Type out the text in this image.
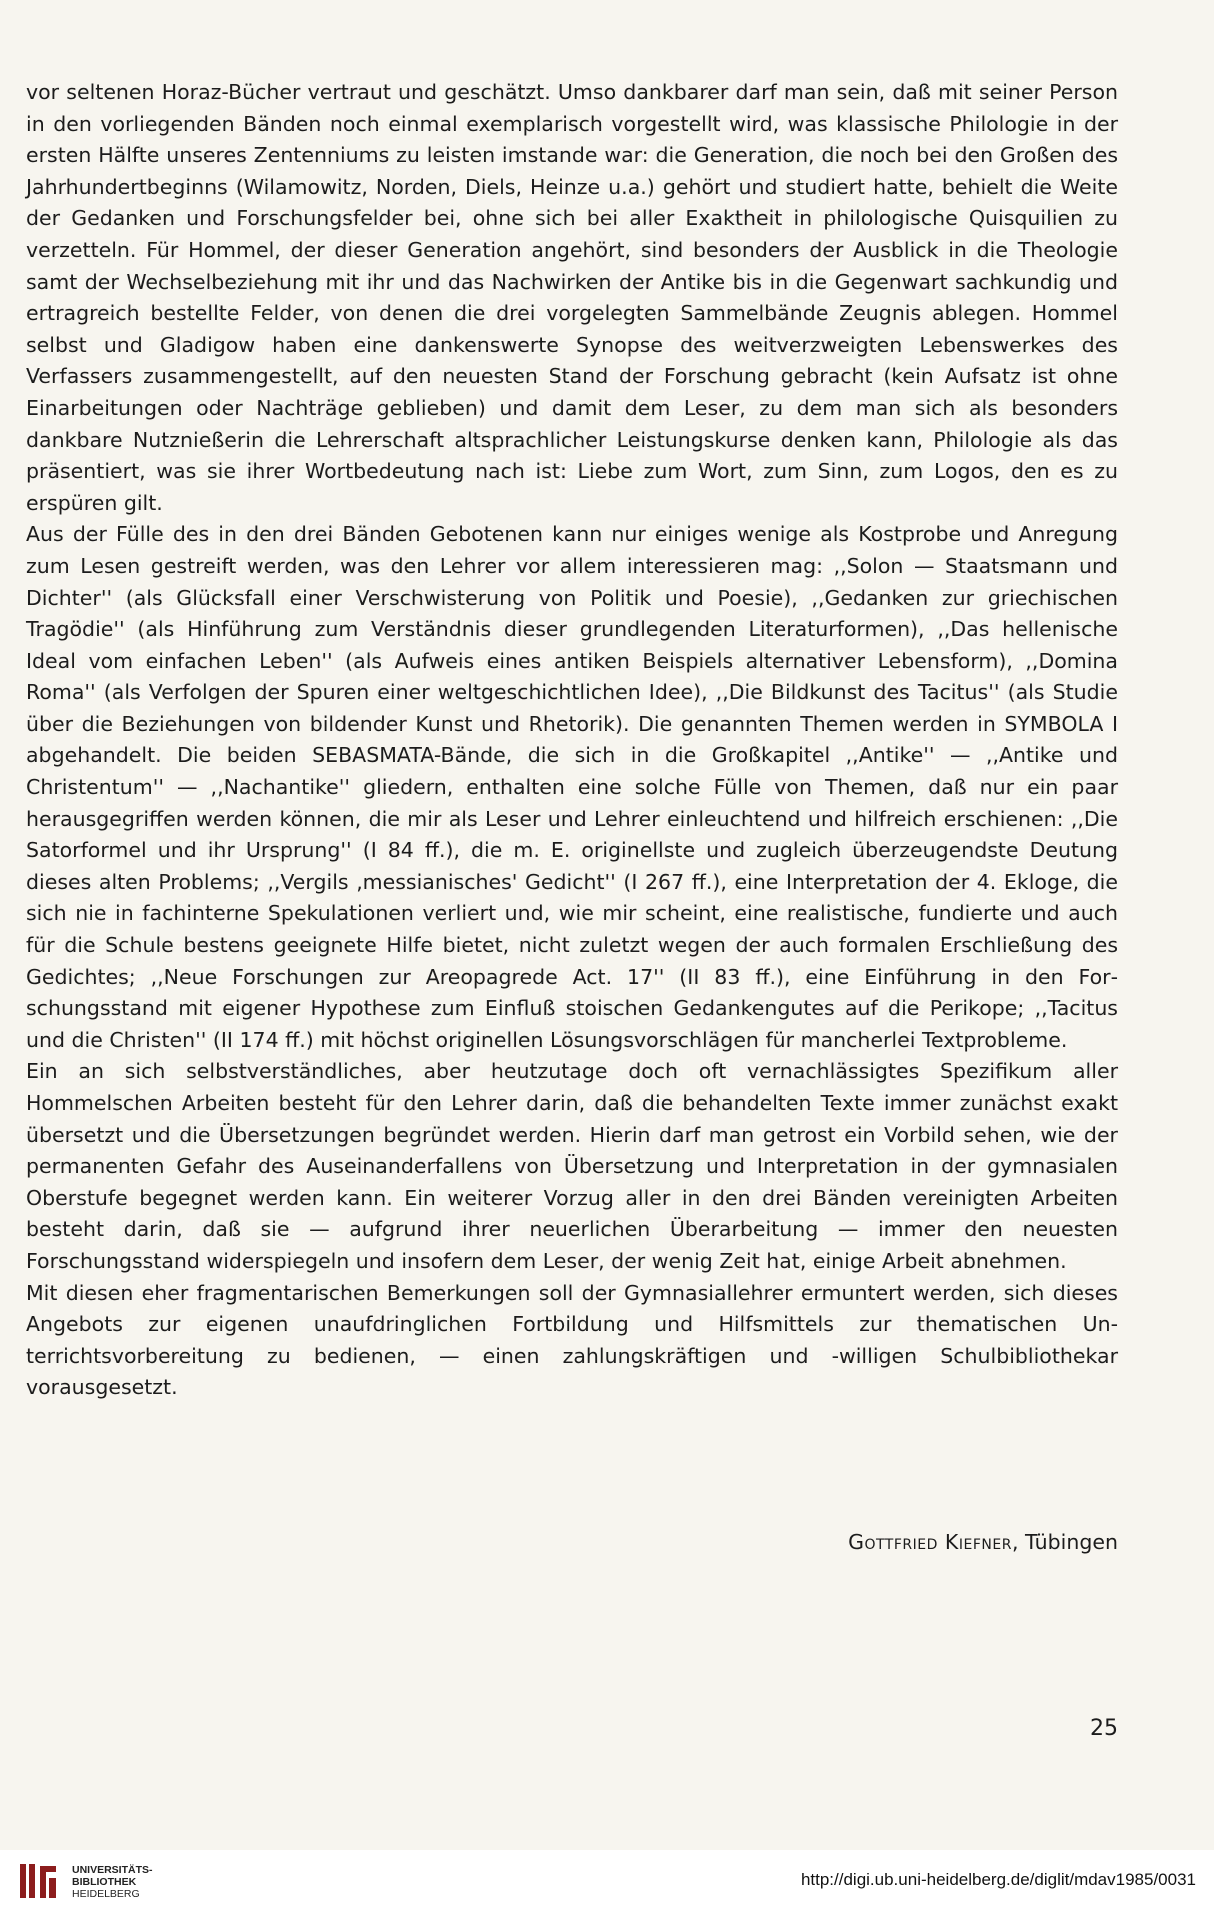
vor seltenen Horaz-Bücher vertraut und geschätzt. Umso dankbarer darf man sein, daß mit seiner Person in den vorliegenden Bänden noch einmal exemplarisch vorgestellt wird, was klassische Philologie in der ersten Hälfte unseres Zentenniums zu leisten imstande war: die Generation, die noch bei den Großen des Jahrhundertbeginns (Wilamowitz, Norden, Diels, Heinze u.a.) gehört und studiert hatte, behielt die Weite der Gedanken und Forschungsfelder bei, ohne sich bei aller Exaktheit in philologische Quisquilien zu verzetteln. Für Hommel, der dieser Generation angehört, sind besonders der Ausblick in die Theologie samt der Wechselbeziehung mit ihr und das Nachwirken der Antike bis in die Gegenwart sachkundig und ertragreich bestellte Felder, von denen die drei vorgelegten Sammelbände Zeugnis ablegen. Hommel selbst und Gladigow haben eine dankenswerte Synopse des weitverzweigten Lebenswerkes des Verfassers zusammengestellt, auf den neuesten Stand der Forschung gebracht (kein Aufsatz ist ohne Einarbeitungen oder Nachträge geblieben) und damit dem Leser, zu dem man sich als besonders dankbare Nutznießerin die Lehrerschaft altsprachlicher Leistungskurse denken kann, Philologie als das präsentiert, was sie ihrer Wortbedeutung nach ist: Liebe zum Wort, zum Sinn, zum Logos, den es zu erspüren gilt.

Aus der Fülle des in den drei Bänden Gebotenen kann nur einiges wenige als Kostprobe und Anregung zum Lesen gestreift werden, was den Lehrer vor allem interessieren mag: ,,Solon — Staatsmann und Dichter'' (als Glücksfall einer Verschwisterung von Politik und Poesie), ,,Gedanken zur griechischen Tragödie'' (als Hinführung zum Verständnis dieser grundlegenden Literaturformen), ,,Das hellenische Ideal vom einfachen Leben'' (als Aufweis eines antiken Beispiels alternativer Lebensform), ,,Domina Roma'' (als Verfolgen der Spuren einer weltgeschichtlichen Idee), ,,Die Bildkunst des Tacitus'' (als Studie über die Beziehungen von bildender Kunst und Rhetorik). Die genannten Themen werden in SYMBOLA I abgehandelt. Die beiden SEBASMATA-Bände, die sich in die Großkapitel ,,Antike'' — ,,Antike und Christentum'' — ,,Nachantike'' gliedern, enthalten eine solche Fülle von Themen, daß nur ein paar herausgegriffen werden können, die mir als Leser und Lehrer einleuchtend und hilfreich erschienen: ,,Die Satorformel und ihr Ursprung'' (I 84 ff.), die m. E. originellste und zugleich überzeugendste Deutung dieses alten Problems; ,,Vergils ‚messianisches' Gedicht'' (I 267 ff.), eine Interpretation der 4. Ekloge, die sich nie in fachinterne Spekulationen verliert und, wie mir scheint, eine realistische, fundierte und auch für die Schule bestens geeignete Hilfe bietet, nicht zuletzt wegen der auch formalen Erschließung des Gedichtes; ,,Neue Forschungen zur Areopagrede Act. 17'' (II 83 ff.), eine Einführung in den Forschungsstand mit eigener Hypothese zum Einfluß stoischen Gedankengutes auf die Perikope; ,,Tacitus und die Christen'' (II 174 ff.) mit höchst originellen Lösungsvorschlägen für mancherlei Textprobleme.

Ein an sich selbstverständliches, aber heutzutage doch oft vernachlässigtes Spezifikum aller Hommelschen Arbeiten besteht für den Lehrer darin, daß die behandelten Texte immer zunächst exakt übersetzt und die Übersetzungen begründet werden. Hierin darf man getrost ein Vorbild sehen, wie der permanenten Gefahr des Auseinanderfallens von Übersetzung und Interpretation in der gymnasialen Oberstufe begegnet werden kann. Ein weiterer Vorzug aller in den drei Bänden vereinigten Arbeiten besteht darin, daß sie — aufgrund ihrer neuerlichen Überarbeitung — immer den neuesten Forschungsstand widerspiegeln und insofern dem Leser, der wenig Zeit hat, einige Arbeit abnehmen.

Mit diesen eher fragmentarischen Bemerkungen soll der Gymnasiallehrer ermuntert werden, sich dieses Angebots zur eigenen unaufdringlichen Fortbildung und Hilfsmittels zur thematischen Unterrichtsvorbereitung zu bedienen, — einen zahlungskräftigen und -willigen Schulbibliothekar vorausgesetzt.

Gottfried Kiefner, Tübingen
25
UNIVERSITÄTS-
BIBLIOTHEK
HEIDELBERG
http://digi.ub.uni-heidelberg.de/diglit/mdav1985/0031
